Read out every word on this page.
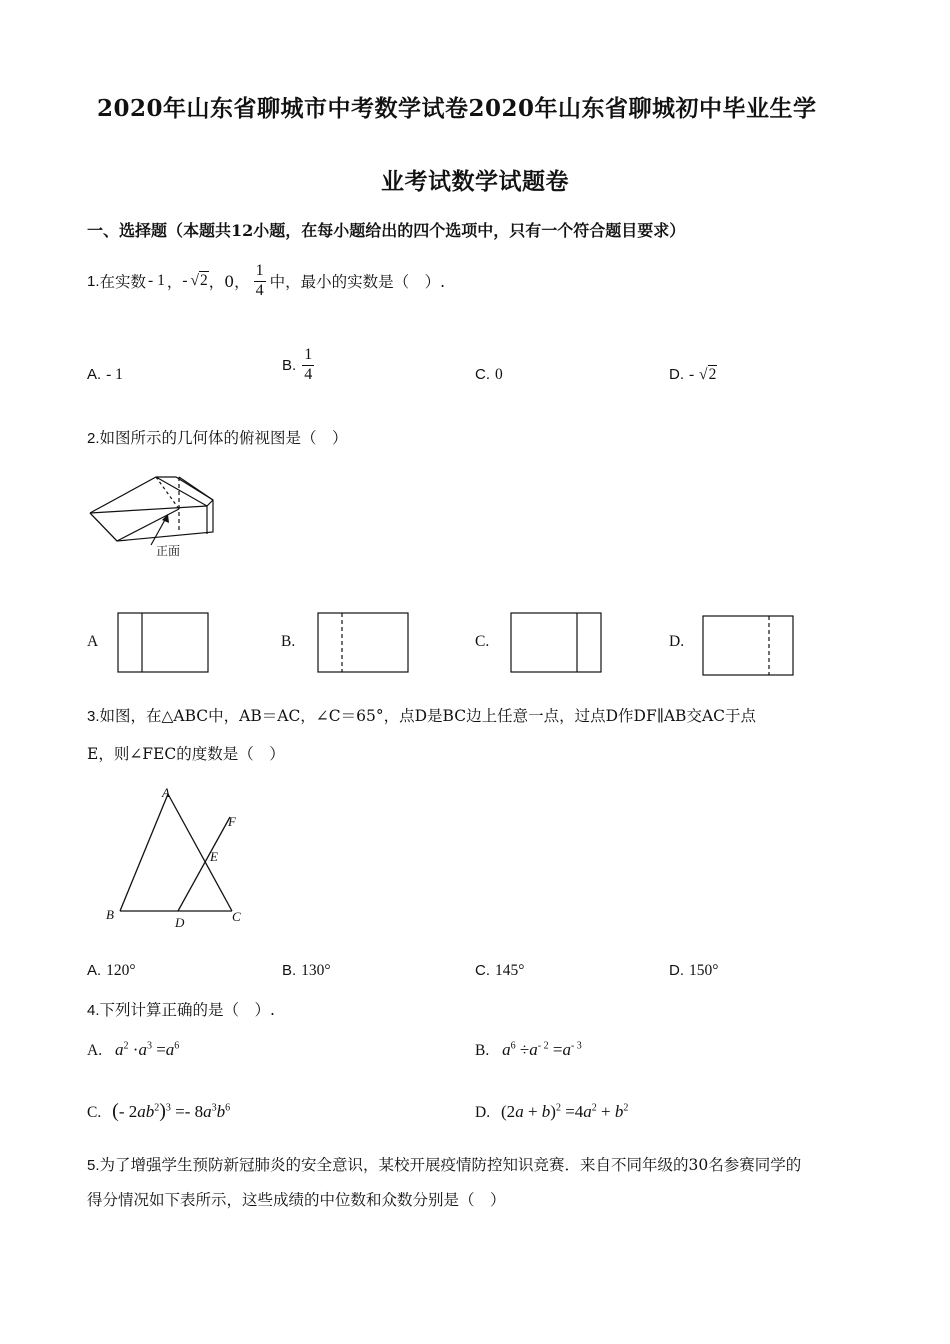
2020年山东省聊城市中考数学试卷2020年山东省聊城初中毕业生学
业考试数学试题卷
一、选择题（本题共12小题，在每小题给出的四个选项中，只有一个符合题目要求）
1. 在实数 - 1 ， - √2 ，0， $\frac{1}{4}$ 中，最小的实数是（　）.
A. - 1
B. $\frac{1}{4}$	C. 0	D. - √2
2.如图所示的几何体的俯视图是（　）
正面
A	B.	C.	D.
3.如图，在△ABC中，AB＝AC，∠C＝65°，点D是BC边上任意一点，过点D作DF∥AB交AC于点
E，则∠FEC的度数是（　）
A
B	C
D
E
F
A. 120°	B. 130°	C. 145°	D. 150°
4.下列计算正确的是（　）.
A. $a^2 \cdot a^3 =a^6$	B. $a^6 \div a^{- 2} =a^{- 3}$
C. (- $2ab^2)^3 =- 8a^3b^6$	D. $(2a + b)^2 =4a^2 + b^2$
5.为了增强学生预防新冠肺炎的安全意识，某校开展疫情防控知识竞赛．来自不同年级的30名参赛同学的
得分情况如下表所示，这些成绩的中位数和众数分别是（　）
